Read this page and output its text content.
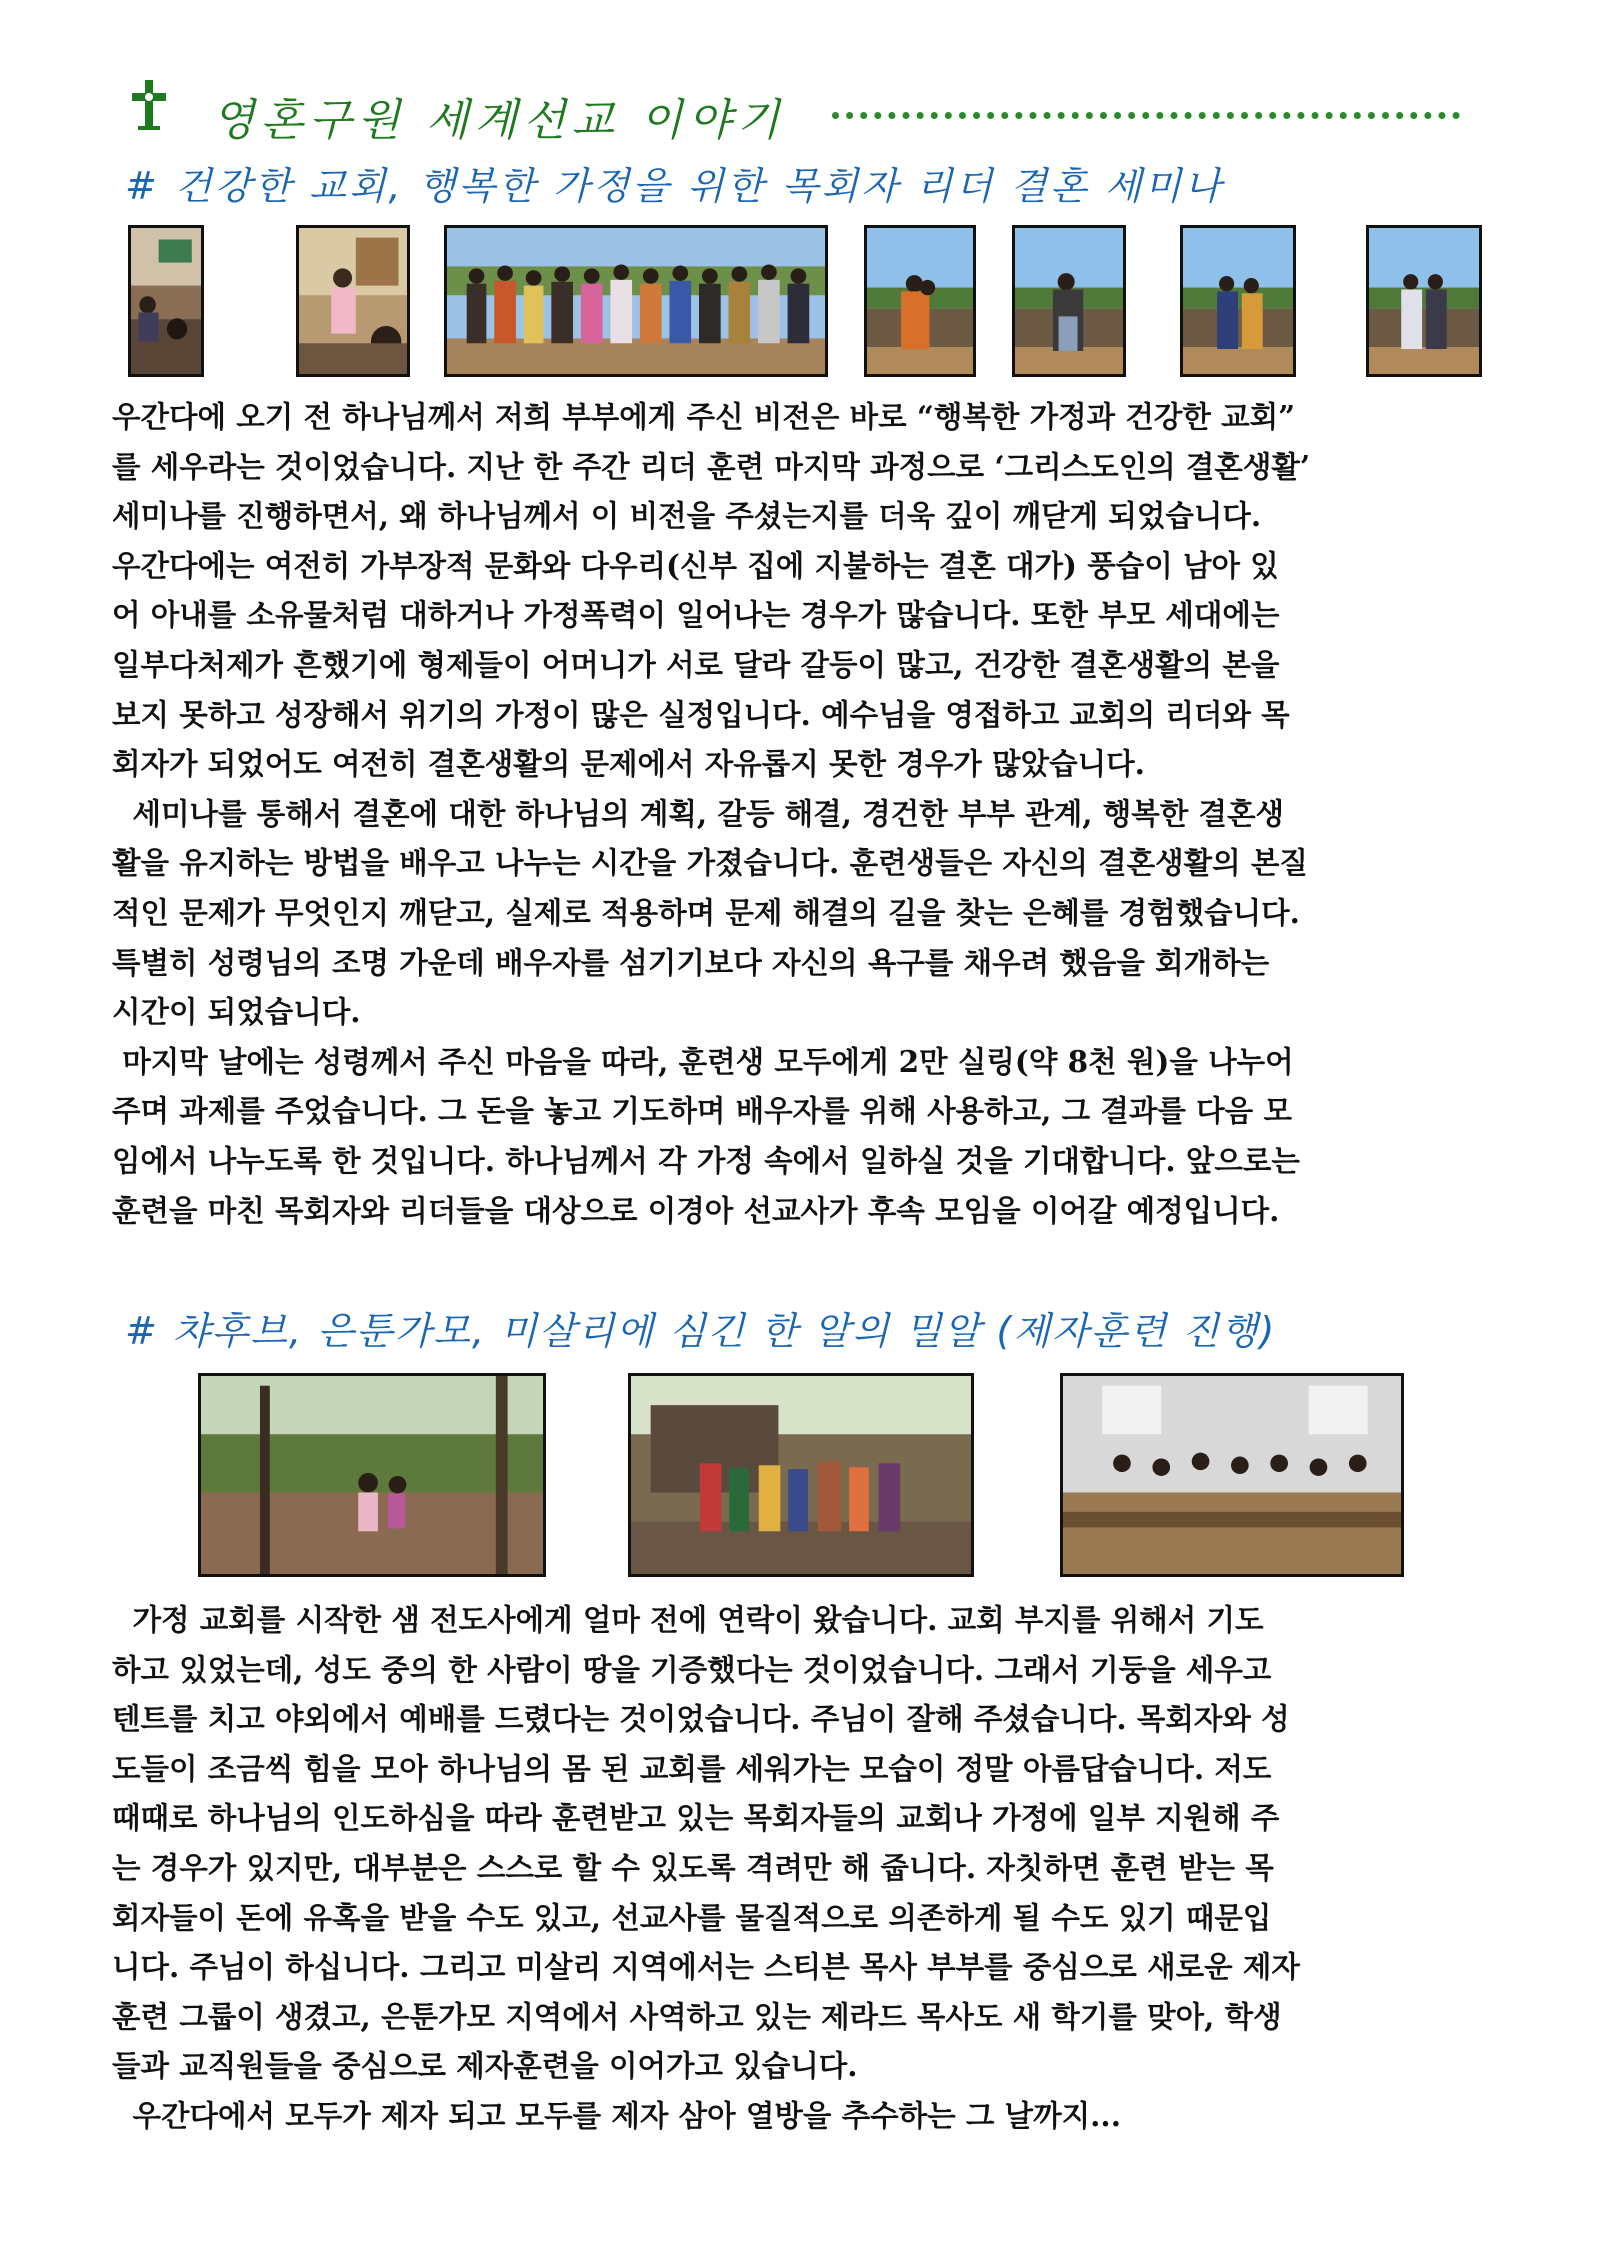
영혼구원 세계선교 이야기
# 건강한 교회, 행복한 가정을 위한 목회자 리더 결혼 세미나
우간다에 오기 전 하나님께서 저희 부부에게 주신 비전은 바로 “행복한 가정과 건강한 교회”
를 세우라는 것이었습니다. 지난 한 주간 리더 훈련 마지막 과정으로 ‘그리스도인의 결혼생활’
세미나를 진행하면서, 왜 하나님께서 이 비전을 주셨는지를 더욱 깊이 깨닫게 되었습니다.
우간다에는 여전히 가부장적 문화와 다우리(신부 집에 지불하는 결혼 대가) 풍습이 남아 있
어 아내를 소유물처럼 대하거나 가정폭력이 일어나는 경우가 많습니다. 또한 부모 세대에는
일부다처제가 흔했기에 형제들이 어머니가 서로 달라 갈등이 많고, 건강한 결혼생활의 본을
보지 못하고 성장해서 위기의 가정이 많은 실정입니다. 예수님을 영접하고 교회의 리더와 목
회자가 되었어도 여전히 결혼생활의 문제에서 자유롭지 못한 경우가 많았습니다.
세미나를 통해서 결혼에 대한 하나님의 계획, 갈등 해결, 경건한 부부 관계, 행복한 결혼생
활을 유지하는 방법을 배우고 나누는 시간을 가졌습니다. 훈련생들은 자신의 결혼생활의 본질
적인 문제가 무엇인지 깨닫고, 실제로 적용하며 문제 해결의 길을 찾는 은혜를 경험했습니다.
특별히 성령님의 조명 가운데 배우자를 섬기기보다 자신의 욕구를 채우려 했음을 회개하는
시간이 되었습니다.
마지막 날에는 성령께서 주신 마음을 따라, 훈련생 모두에게 2만 실링(약 8천 원)을 나누어
주며 과제를 주었습니다. 그 돈을 놓고 기도하며 배우자를 위해 사용하고, 그 결과를 다음 모
임에서 나누도록 한 것입니다. 하나님께서 각 가정 속에서 일하실 것을 기대합니다. 앞으로는
훈련을 마친 목회자와 리더들을 대상으로 이경아 선교사가 후속 모임을 이어갈 예정입니다.
# 챠후브, 은툰가모, 미살리에 심긴 한 알의 밀알 (제자훈련 진행)
가정 교회를 시작한 샘 전도사에게 얼마 전에 연락이 왔습니다. 교회 부지를 위해서 기도
하고 있었는데, 성도 중의 한 사람이 땅을 기증했다는 것이었습니다. 그래서 기둥을 세우고
텐트를 치고 야외에서 예배를 드렸다는 것이었습니다. 주님이 잘해 주셨습니다. 목회자와 성
도들이 조금씩 힘을 모아 하나님의 몸 된 교회를 세워가는 모습이 정말 아름답습니다. 저도
때때로 하나님의 인도하심을 따라 훈련받고 있는 목회자들의 교회나 가정에 일부 지원해 주
는 경우가 있지만, 대부분은 스스로 할 수 있도록 격려만 해 줍니다. 자칫하면 훈련 받는 목
회자들이 돈에 유혹을 받을 수도 있고, 선교사를 물질적으로 의존하게 될 수도 있기 때문입
니다. 주님이 하십니다. 그리고 미살리 지역에서는 스티븐 목사 부부를 중심으로 새로운 제자
훈련 그룹이 생겼고, 은툰가모 지역에서 사역하고 있는 제라드 목사도 새 학기를 맞아, 학생
들과 교직원들을 중심으로 제자훈련을 이어가고 있습니다.
우간다에서 모두가 제자 되고 모두를 제자 삼아 열방을 추수하는 그 날까지...
